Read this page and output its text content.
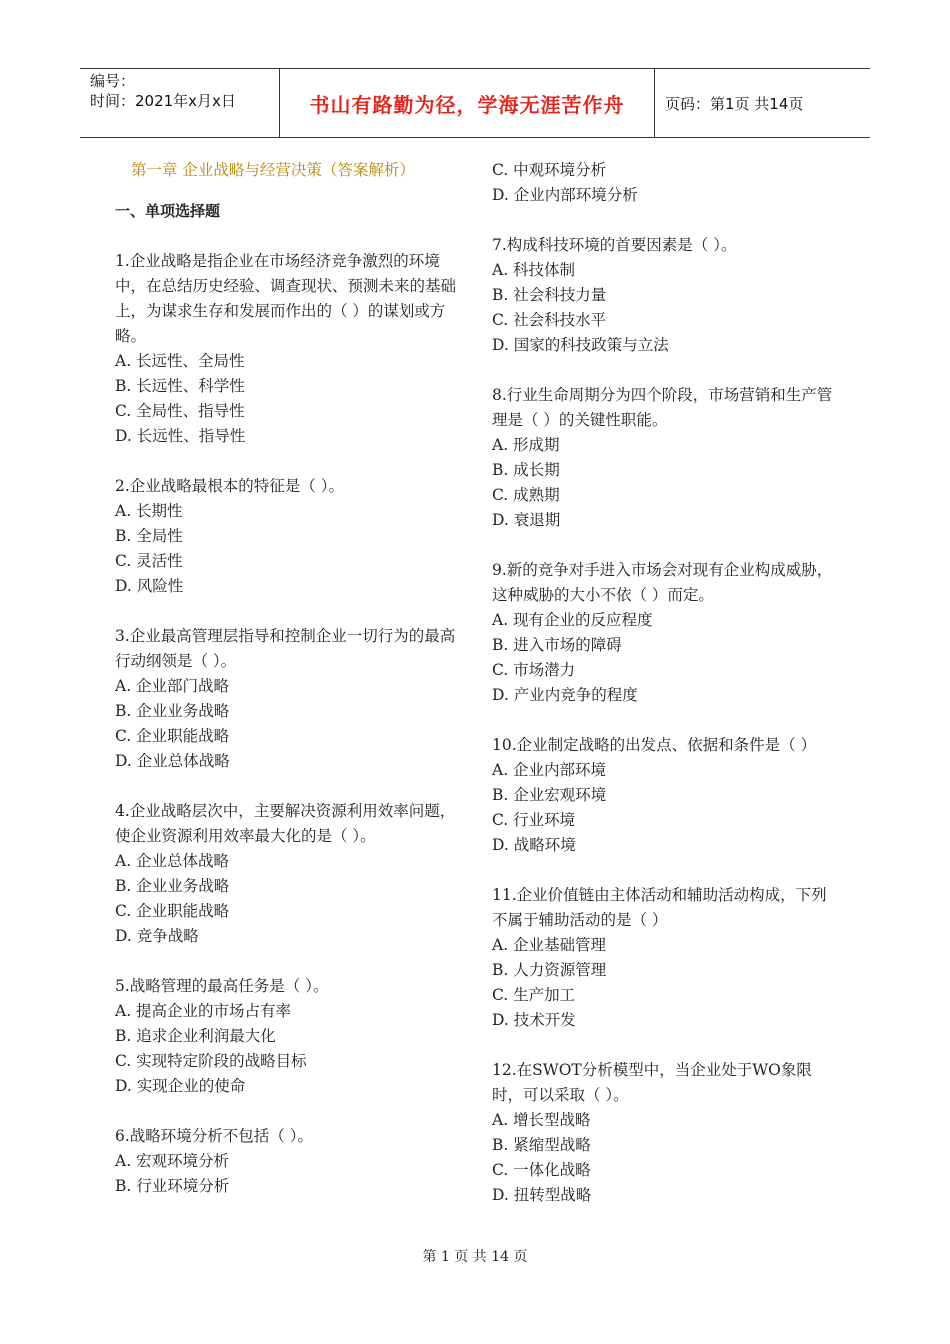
编号：
时间：2021年x月x日	书山有路勤为径，学海无涯苦作舟	页码：第1页 共14页

第一章 企业战略与经营决策（答案解析）

一、单项选择题

1.企业战略是指企业在市场经济竞争激烈的环境中，在总结历史经验、调查现状、预测未来的基础上，为谋求生存和发展而作出的（ ）的谋划或方略。

A. 长远性、全局性

B. 长远性、科学性

C. 全局性、指导性

D. 长远性、指导性

2.企业战略最根本的特征是（ ）。

A. 长期性

B. 全局性

C. 灵活性

D. 风险性

3.企业最高管理层指导和控制企业一切行为的最高行动纲领是（ ）。

A. 企业部门战略

B. 企业业务战略

C. 企业职能战略

D. 企业总体战略

4.企业战略层次中，主要解决资源利用效率问题，使企业资源利用效率最大化的是（ ）。

A. 企业总体战略

B. 企业业务战略

C. 企业职能战略

D. 竞争战略

5.战略管理的最高任务是（ ）。

A. 提高企业的市场占有率

B. 追求企业利润最大化

C. 实现特定阶段的战略目标

D. 实现企业的使命

6.战略环境分析不包括（ ）。

A. 宏观环境分析

B. 行业环境分析

C. 中观环境分析

D. 企业内部环境分析

7.构成科技环境的首要因素是（ ）。

A. 科技体制

B. 社会科技力量

C. 社会科技水平

D. 国家的科技政策与立法

8.行业生命周期分为四个阶段，市场营销和生产管理是（ ）的关键性职能。

A. 形成期

B. 成长期

C. 成熟期

D. 衰退期

9.新的竞争对手进入市场会对现有企业构成威胁，这种威胁的大小不依（ ）而定。

A. 现有企业的反应程度

B. 进入市场的障碍

C. 市场潜力

D. 产业内竞争的程度

10.企业制定战略的出发点、依据和条件是（ ）

A. 企业内部环境

B. 企业宏观环境

C. 行业环境

D. 战略环境

11.企业价值链由主体活动和辅助活动构成，下列不属于辅助活动的是（ ）

A. 企业基础管理

B. 人力资源管理

C. 生产加工

D. 技术开发

12.在SWOT分析模型中，当企业处于WO象限时，可以采取（ ）。

A. 增长型战略

B. 紧缩型战略

C. 一体化战略

D. 扭转型战略

第 1 页 共 14 页
